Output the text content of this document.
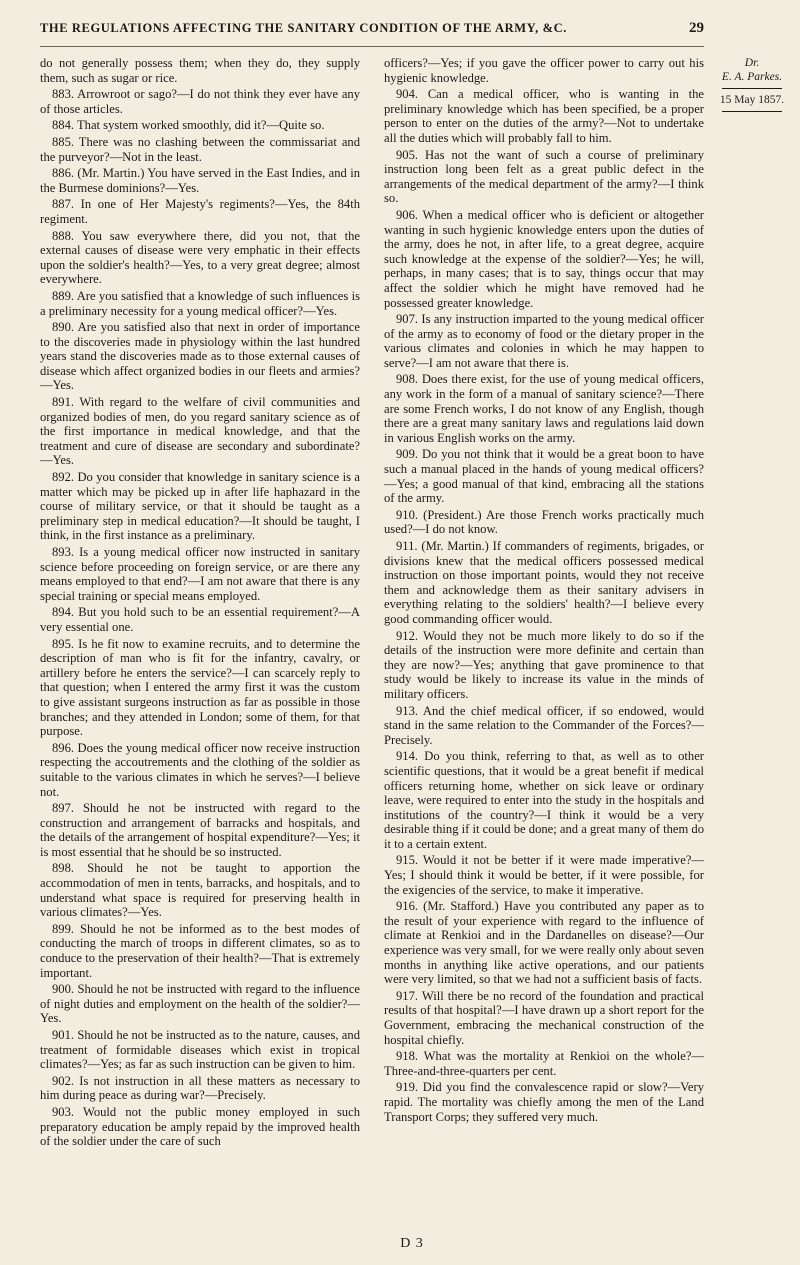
THE REGULATIONS AFFECTING THE SANITARY CONDITION OF THE ARMY, &C.	29

do not generally possess them; when they do, they supply them, such as sugar or rice.

883. Arrowroot or sago?—I do not think they ever have any of those articles.

884. That system worked smoothly, did it?—Quite so.

885. There was no clashing between the commissariat and the purveyor?—Not in the least.

886. (Mr. Martin.) You have served in the East Indies, and in the Burmese dominions?—Yes.

887. In one of Her Majesty's regiments?—Yes, the 84th regiment.

888. You saw everywhere there, did you not, that the external causes of disease were very emphatic in their effects upon the soldier's health?—Yes, to a very great degree; almost everywhere.

889. Are you satisfied that a knowledge of such influences is a preliminary necessity for a young medical officer?—Yes.

890. Are you satisfied also that next in order of importance to the discoveries made in physiology within the last hundred years stand the discoveries made as to those external causes of disease which affect organized bodies in our fleets and armies?—Yes.

891. With regard to the welfare of civil communities and organized bodies of men, do you regard sanitary science as of the first importance in medical knowledge, and that the treatment and cure of disease are secondary and subordinate?—Yes.

892. Do you consider that knowledge in sanitary science is a matter which may be picked up in after life haphazard in the course of military service, or that it should be taught as a preliminary step in medical education?—It should be taught, I think, in the first instance as a preliminary.

893. Is a young medical officer now instructed in sanitary science before proceeding on foreign service, or are there any means employed to that end?—I am not aware that there is any special training or special means employed.

894. But you hold such to be an essential requirement?—A very essential one.

895. Is he fit now to examine recruits, and to determine the description of man who is fit for the infantry, cavalry, or artillery before he enters the service?—I can scarcely reply to that question; when I entered the army first it was the custom to give assistant surgeons instruction as far as possible in those branches; and they attended in London; some of them, for that purpose.

896. Does the young medical officer now receive instruction respecting the accoutrements and the clothing of the soldier as suitable to the various climates in which he serves?—I believe not.

897. Should he not be instructed with regard to the construction and arrangement of barracks and hospitals, and the details of the arrangement of hospital expenditure?—Yes; it is most essential that he should be so instructed.

898. Should he not be taught to apportion the accommodation of men in tents, barracks, and hospitals, and to understand what space is required for preserving health in various climates?—Yes.

899. Should he not be informed as to the best modes of conducting the march of troops in different climates, so as to conduce to the preservation of their health?—That is extremely important.

900. Should he not be instructed with regard to the influence of night duties and employment on the health of the soldier?—Yes.

901. Should he not be instructed as to the nature, causes, and treatment of formidable diseases which exist in tropical climates?—Yes; as far as such instruction can be given to him.

902. Is not instruction in all these matters as necessary to him during peace as during war?—Precisely.

903. Would not the public money employed in such preparatory education be amply repaid by the improved health of the soldier under the care of such

officers?—Yes; if you gave the officer power to carry out his hygienic knowledge.

904. Can a medical officer, who is wanting in the preliminary knowledge which has been specified, be a proper person to enter on the duties of the army?—Not to undertake all the duties which will probably fall to him.

905. Has not the want of such a course of preliminary instruction long been felt as a great public defect in the arrangements of the medical department of the army?—I think so.

906. When a medical officer who is deficient or altogether wanting in such hygienic knowledge enters upon the duties of the army, does he not, in after life, to a great degree, acquire such knowledge at the expense of the soldier?—Yes; he will, perhaps, in many cases; that is to say, things occur that may affect the soldier which he might have removed had he possessed greater knowledge.

907. Is any instruction imparted to the young medical officer of the army as to economy of food or the dietary proper in the various climates and colonies in which he may happen to serve?—I am not aware that there is.

908. Does there exist, for the use of young medical officers, any work in the form of a manual of sanitary science?—There are some French works, I do not know of any English, though there are a great many sanitary laws and regulations laid down in various English works on the army.

909. Do you not think that it would be a great boon to have such a manual placed in the hands of young medical officers?—Yes; a good manual of that kind, embracing all the stations of the army.

910. (President.) Are those French works practically much used?—I do not know.

911. (Mr. Martin.) If commanders of regiments, brigades, or divisions knew that the medical officers possessed medical instruction on those important points, would they not receive them and acknowledge them as their sanitary advisers in everything relating to the soldiers' health?—I believe every good commanding officer would.

912. Would they not be much more likely to do so if the details of the instruction were more definite and certain than they are now?—Yes; anything that gave prominence to that study would be likely to increase its value in the minds of military officers.

913. And the chief medical officer, if so endowed, would stand in the same relation to the Commander of the Forces?—Precisely.

914. Do you think, referring to that, as well as to other scientific questions, that it would be a great benefit if medical officers returning home, whether on sick leave or ordinary leave, were required to enter into the study in the hospitals and institutions of the country?—I think it would be a very desirable thing if it could be done; and a great many of them do it to a certain extent.

915. Would it not be better if it were made imperative?—Yes; I should think it would be better, if it were possible, for the exigencies of the service, to make it imperative.

916. (Mr. Stafford.) Have you contributed any paper as to the result of your experience with regard to the influence of climate at Renkioi and in the Dardanelles on disease?—Our experience was very small, for we were really only about seven months in anything like active operations, and our patients were very limited, so that we had not a sufficient basis of facts.

917. Will there be no record of the foundation and practical results of that hospital?—I have drawn up a short report for the Government, embracing the mechanical construction of the hospital chiefly.

918. What was the mortality at Renkioi on the whole?—Three-and-three-quarters per cent.

919. Did you find the convalescence rapid or slow?—Very rapid. The mortality was chiefly among the men of the Land Transport Corps; they suffered very much.

Dr.
E. A. Parkes.
15 May 1857.
D 3
